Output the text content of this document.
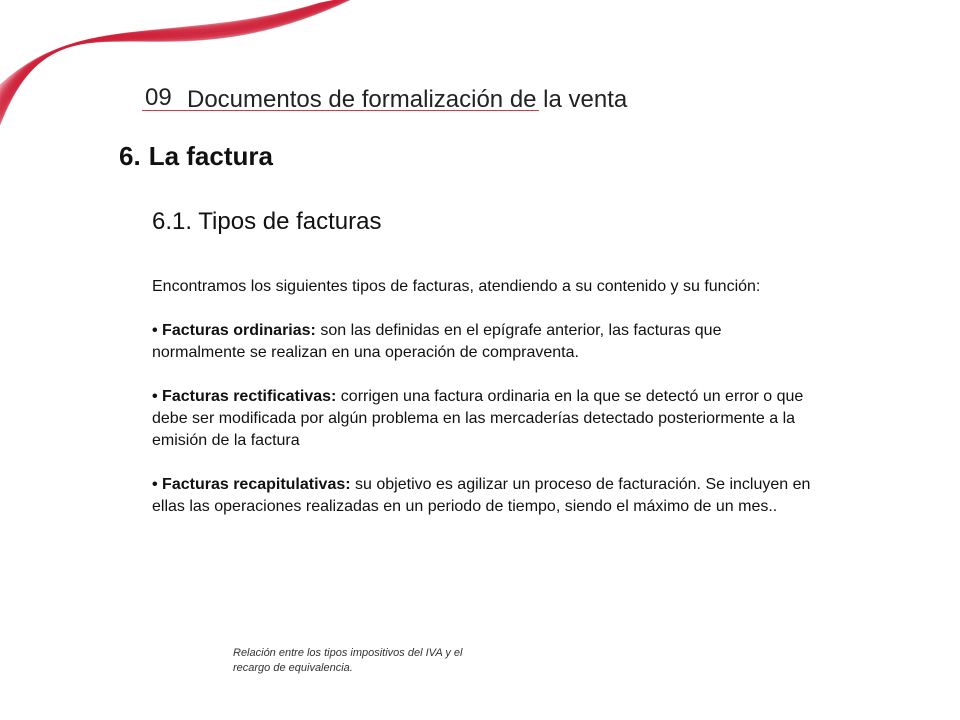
09 Documentos de formalización de la venta
6. La factura
6.1. Tipos de facturas

Encontramos los siguientes tipos de facturas, atendiendo a su contenido y su función:

• Facturas ordinarias: son las definidas en el epígrafe anterior, las facturas que normalmente se realizan en una operación de compraventa.

• Facturas rectificativas: corrigen una factura ordinaria en la que se detectó un error o que debe ser modificada por algún problema en las mercaderías detectado posteriormente a la emisión de la factura

• Facturas recapitulativas: su objetivo es agilizar un proceso de facturación. Se incluyen en ellas las operaciones realizadas en un periodo de tiempo, siendo el máximo de un mes..

Relación entre los tipos impositivos del IVA y el recargo de equivalencia.
